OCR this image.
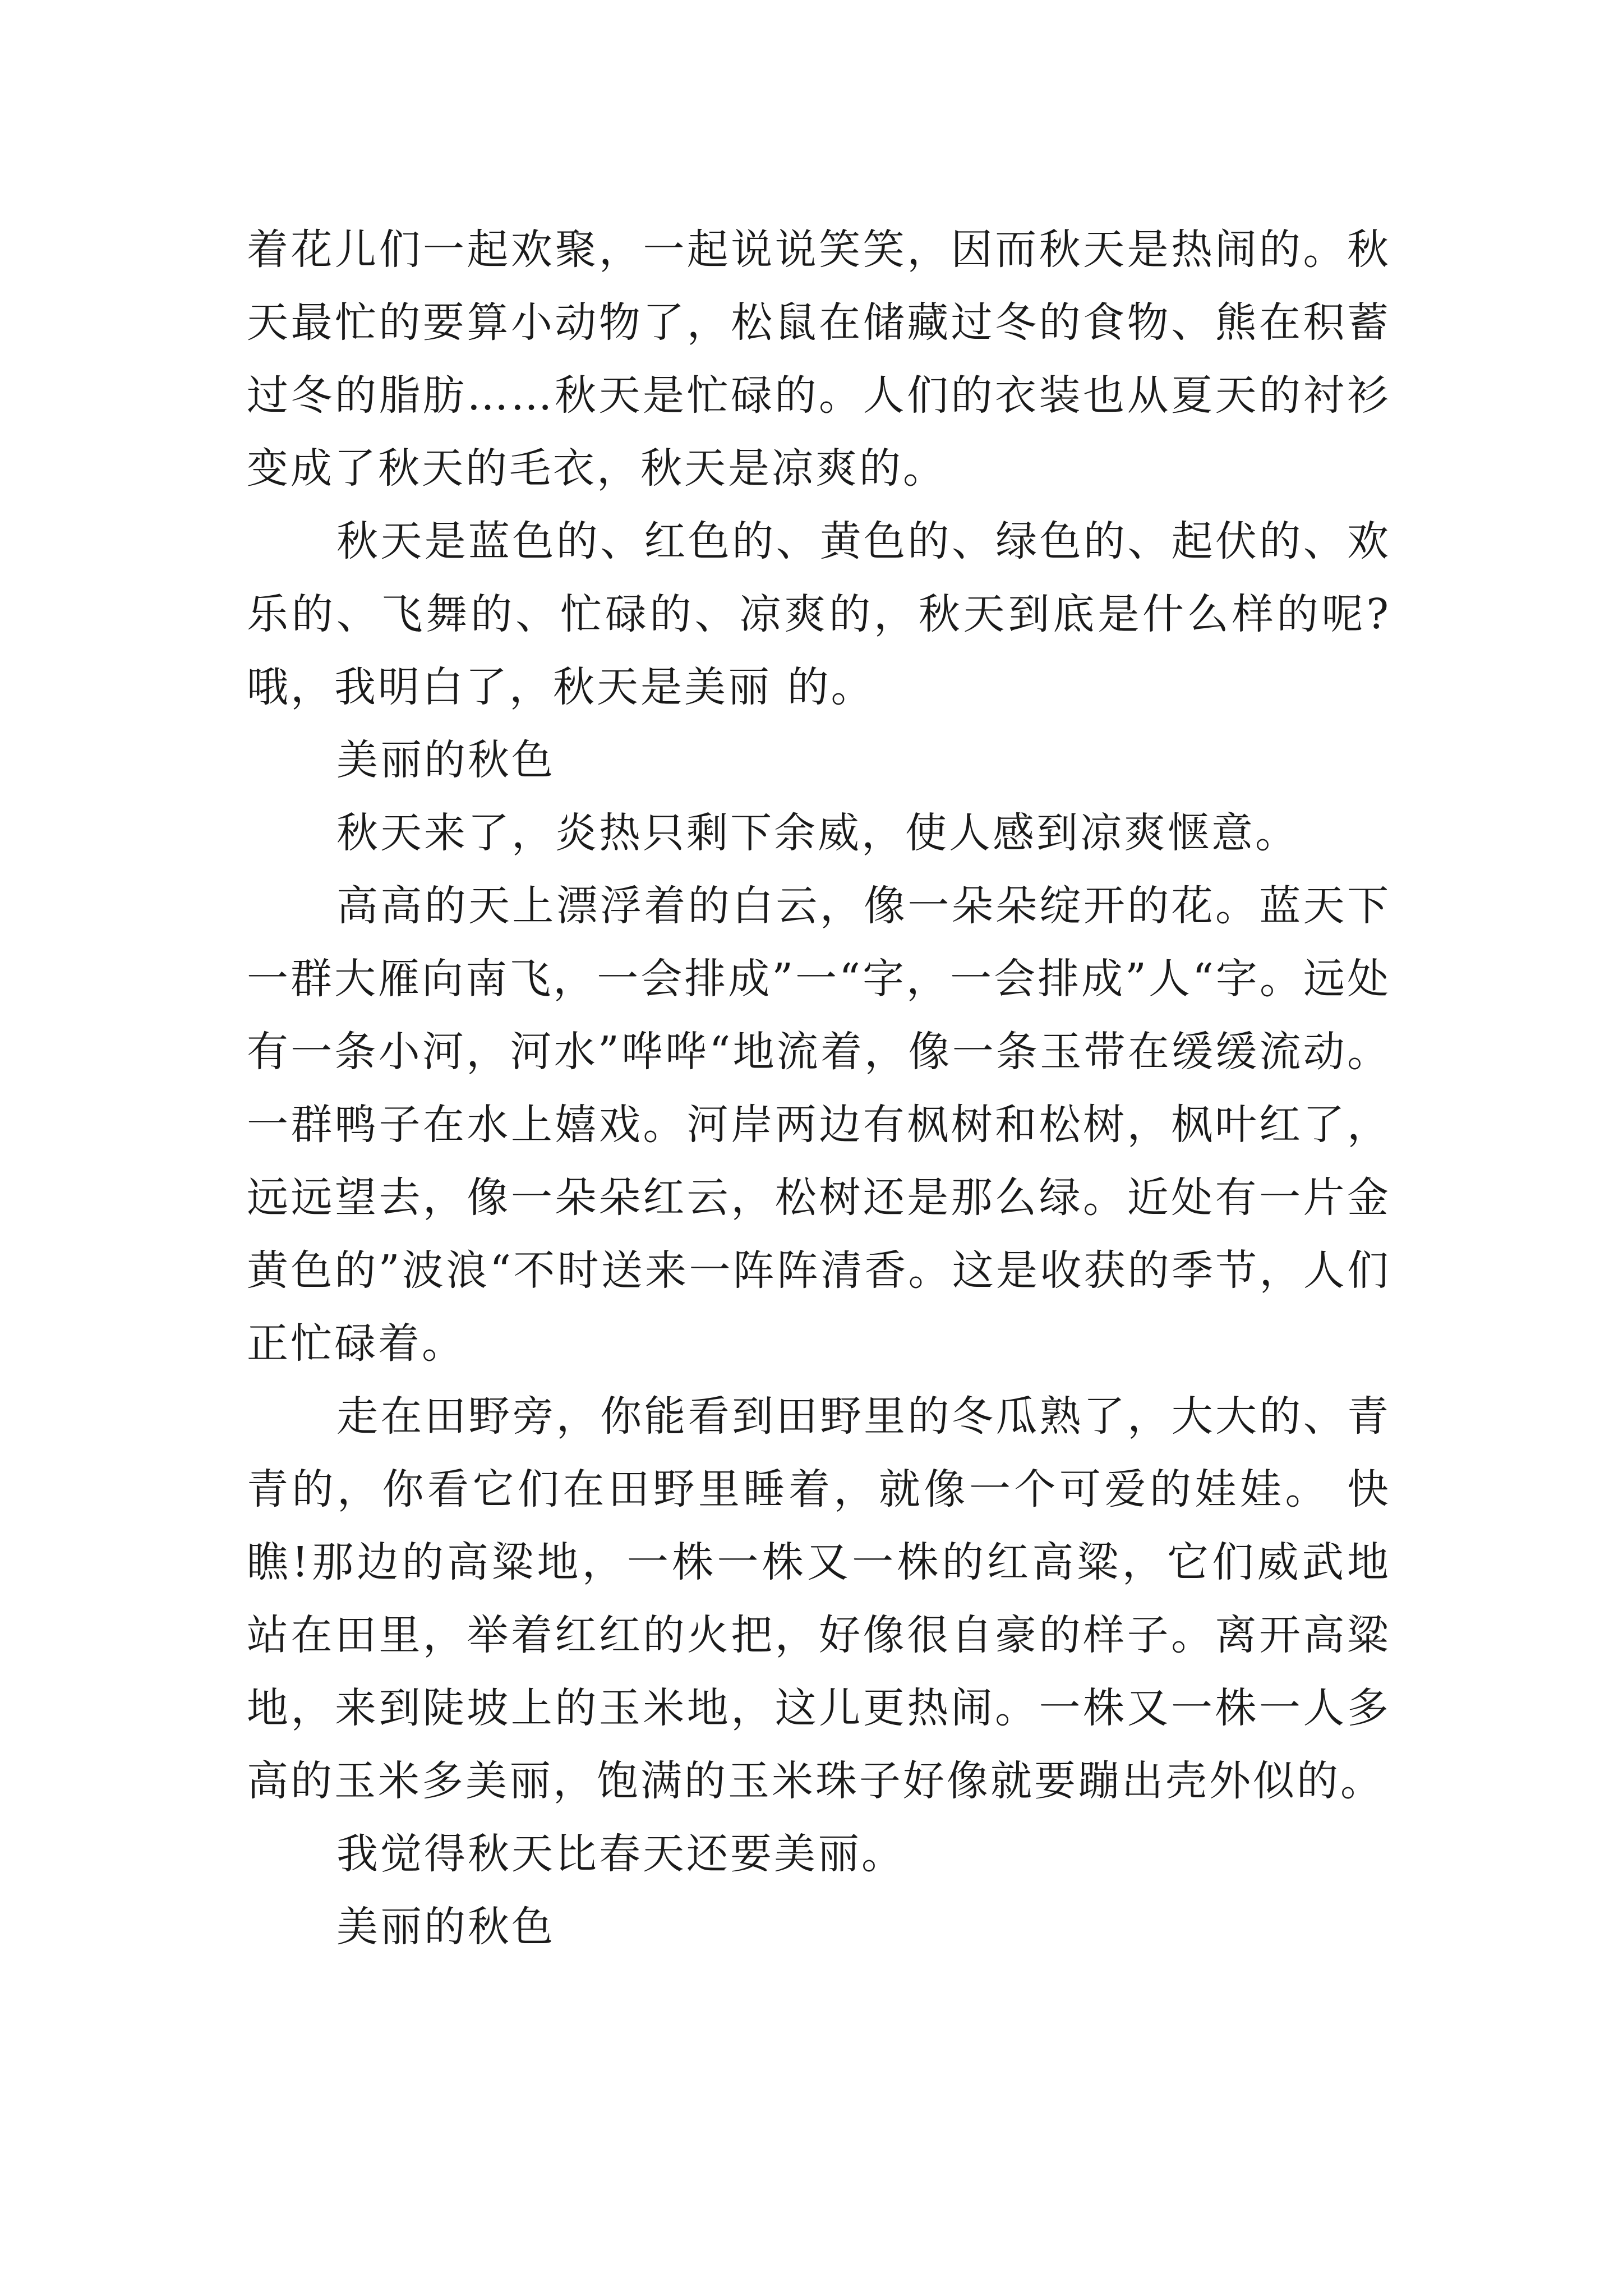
着花儿们一起欢聚，一起说说笑笑，因而秋天是热闹的。秋天最忙的要算小动物了，松鼠在储藏过冬的食物、熊在积蓄过冬的脂肪……秋天是忙碌的。人们的衣装也从夏天的衬衫变成了秋天的毛衣，秋天是凉爽的。

秋天是蓝色的、红色的、黄色的、绿色的、起伏的、欢乐的、飞舞的、忙碌的、凉爽的，秋天到底是什么样的呢?哦，我明白了，秋天是美丽 的。

美丽的秋色

秋天来了，炎热只剩下余威，使人感到凉爽惬意。

高高的天上漂浮着的白云，像一朵朵绽开的花。蓝天下一群大雁向南飞，一会排成”一“字，一会排成”人“字。远处有一条小河，河水”哗哗“地流着，像一条玉带在缓缓流动。一群鸭子在水上嬉戏。河岸两边有枫树和松树，枫叶红了，远远望去，像一朵朵红云，松树还是那么绿。近处有一片金黄色的”波浪“不时送来一阵阵清香。这是收获的季节，人们正忙碌着。

走在田野旁，你能看到田野里的冬瓜熟了，大大的、青青的，你看它们在田野里睡着，就像一个可爱的娃娃。 快瞧!那边的高粱地，一株一株又一株的红高粱，它们威武地站在田里，举着红红的火把，好像很自豪的样子。离开高粱地，来到陡坡上的玉米地，这儿更热闹。一株又一株一人多高的玉米多美丽，饱满的玉米珠子好像就要蹦出壳外似的。

我觉得秋天比春天还要美丽。

美丽的秋色
